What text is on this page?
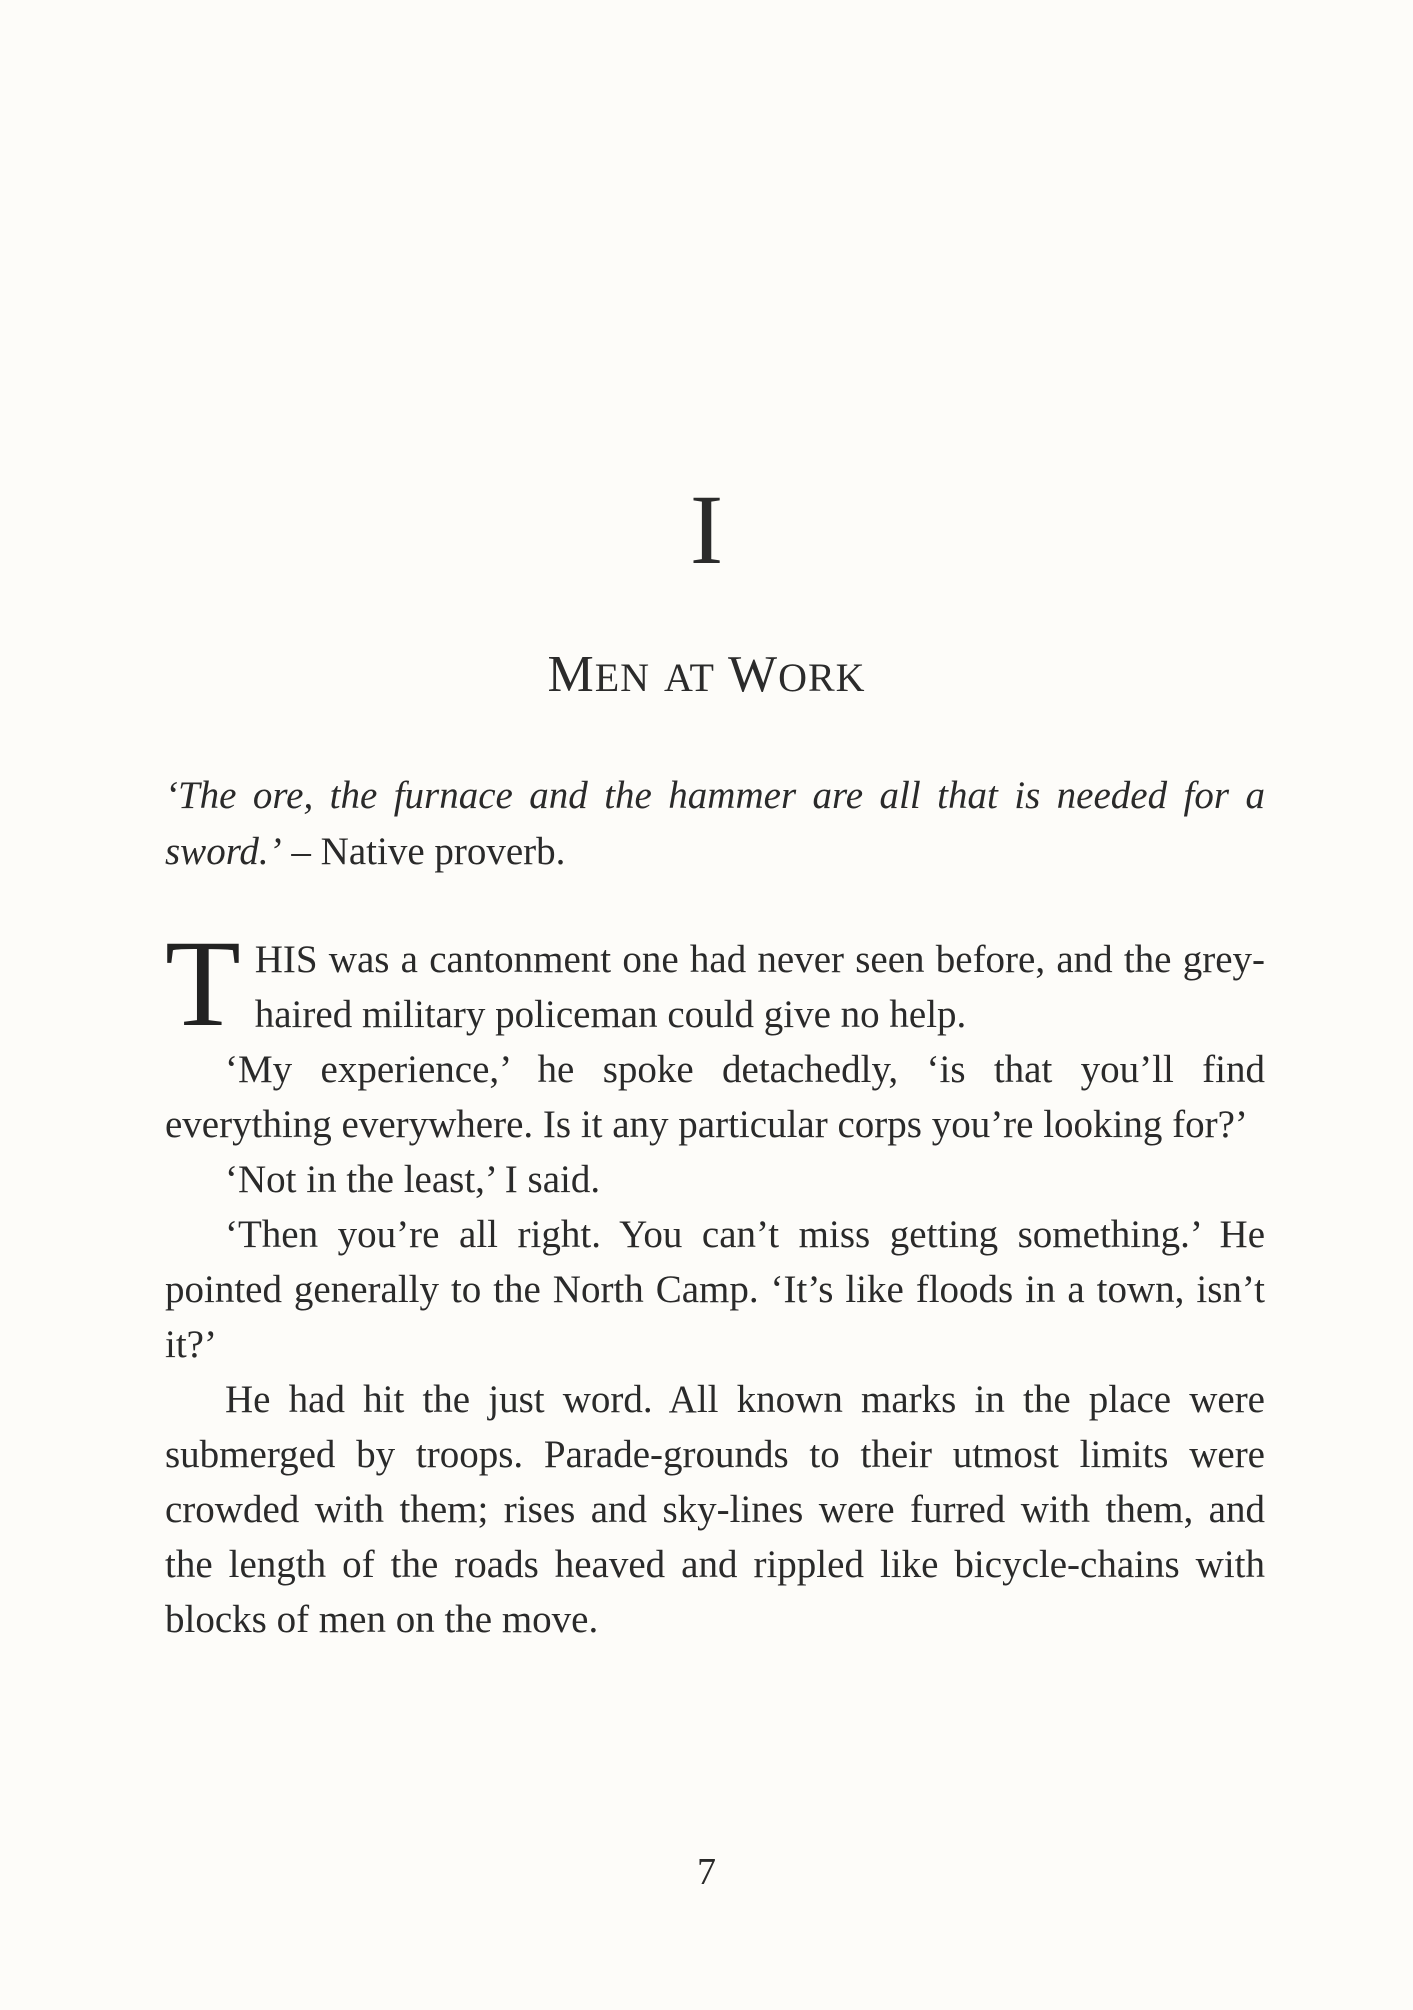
I
MEN AT WORK
‘The ore, the furnace and the hammer are all that is needed for a sword.’ – Native proverb.

THIS was a cantonment one had never seen before, and the grey-haired military policeman could give no help.

‘My experience,’ he spoke detachedly, ‘is that you’ll find everything everywhere. Is it any particular corps you’re looking for?’

‘Not in the least,’ I said.

‘Then you’re all right. You can’t miss getting something.’ He pointed generally to the North Camp. ‘It’s like floods in a town, isn’t it?’

He had hit the just word. All known marks in the place were submerged by troops. Parade-grounds to their utmost limits were crowded with them; rises and sky-lines were furred with them, and the length of the roads heaved and rippled like bicycle-chains with blocks of men on the move.

7
